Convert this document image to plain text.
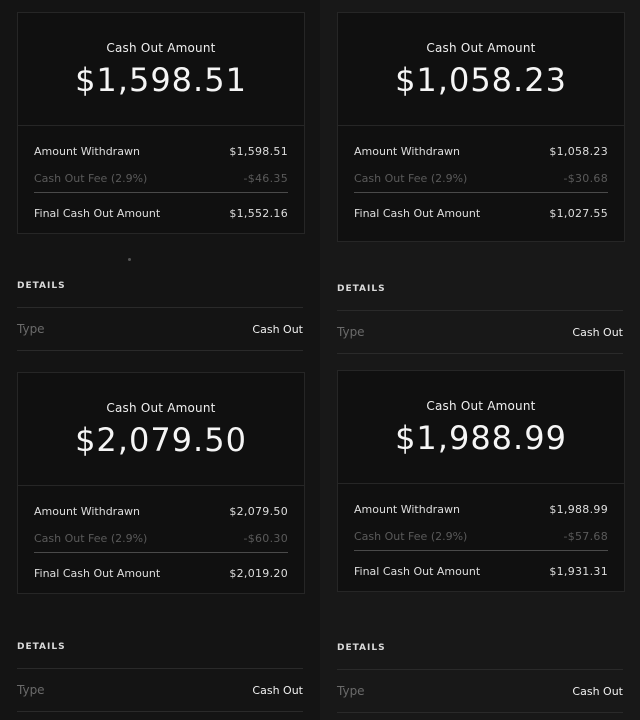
Cash Out Amount
$1,598.51
Amount Withdrawn	$1,598.51
Cash Out Fee (2.9%)	-$46.35
Final Cash Out Amount	$1,552.16
DETAILS
Type	Cash Out
Cash Out Amount
$1,058.23
Amount Withdrawn	$1,058.23
Cash Out Fee (2.9%)	-$30.68
Final Cash Out Amount	$1,027.55
DETAILS
Type	Cash Out
Cash Out Amount
$2,079.50
Amount Withdrawn	$2,079.50
Cash Out Fee (2.9%)	-$60.30
Final Cash Out Amount	$2,019.20
DETAILS
Type	Cash Out
Cash Out Amount
$1,988.99
Amount Withdrawn	$1,988.99
Cash Out Fee (2.9%)	-$57.68
Final Cash Out Amount	$1,931.31
DETAILS
Type	Cash Out
